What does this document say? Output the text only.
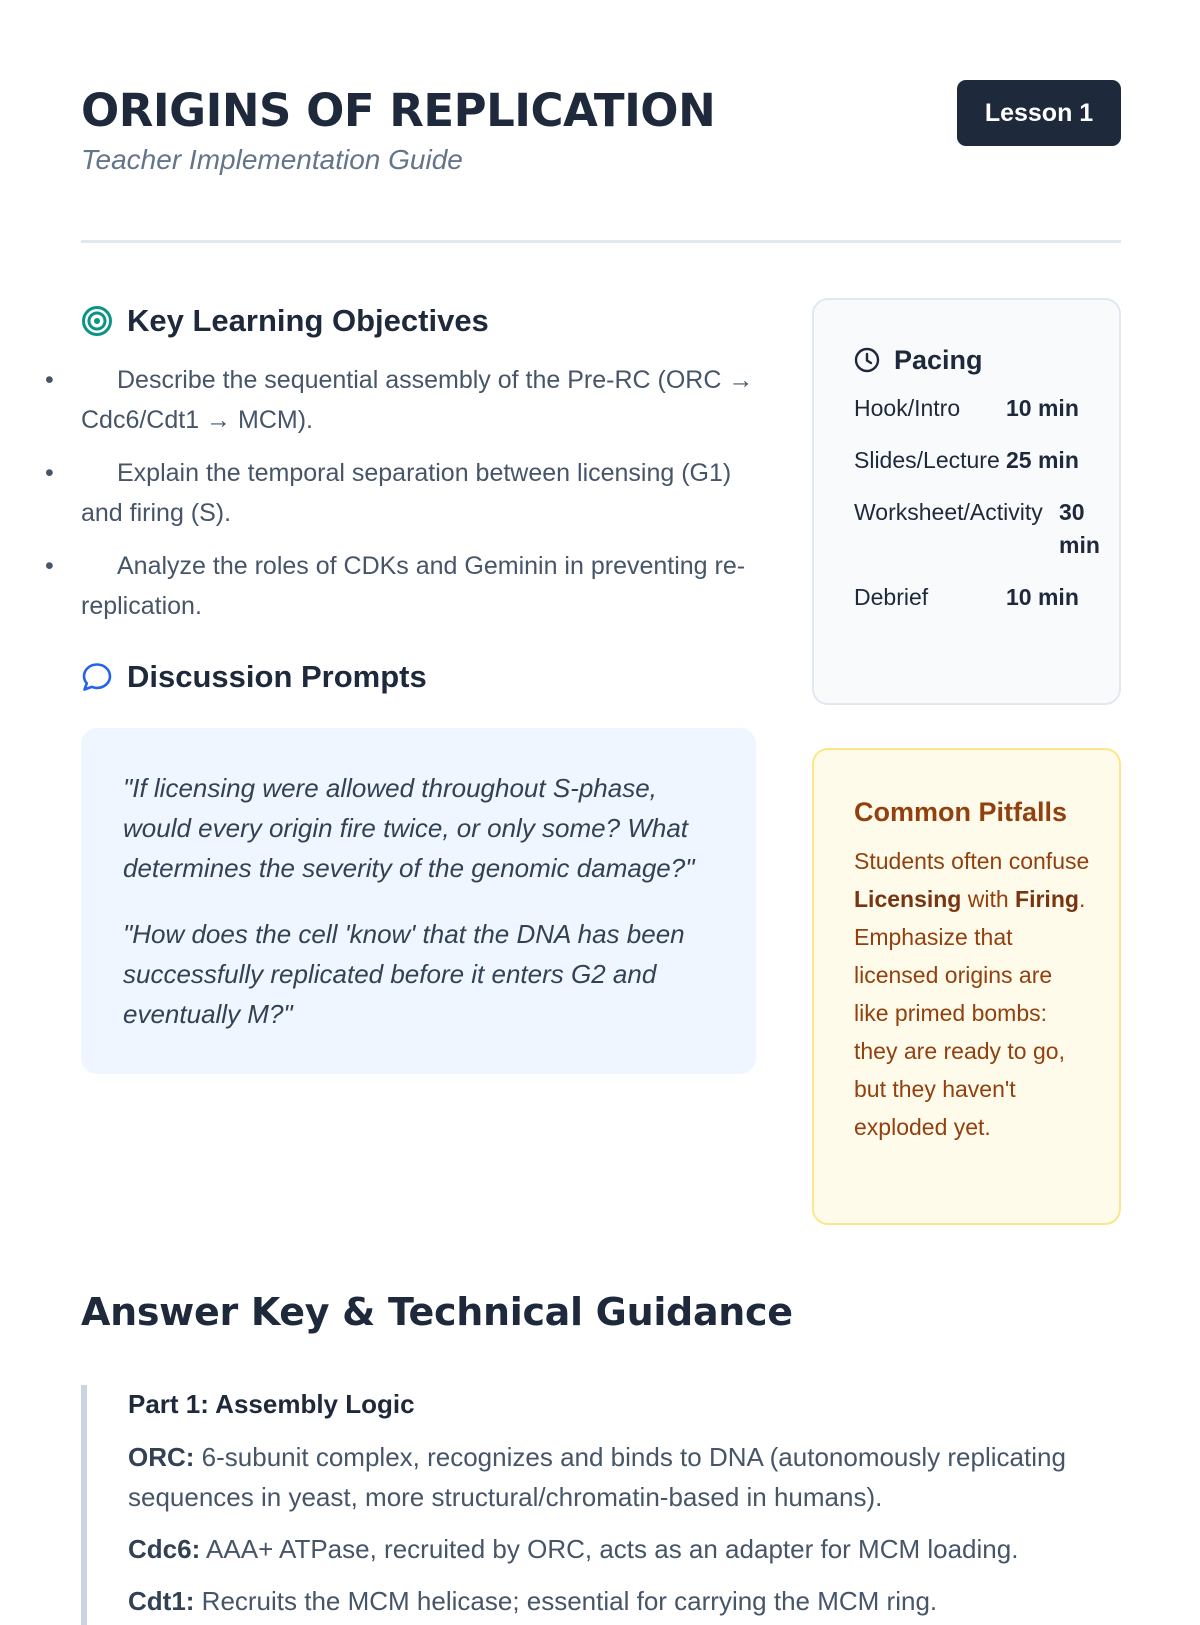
ORIGINS OF REPLICATION

Teacher Implementation Guide

Lesson 1
Key Learning Objectives
•	Describe the sequential assembly of the Pre-RC (ORC → Cdc6/Cdt1 → MCM).
•	Explain the temporal separation between licensing (G1) and firing (S).
•	Analyze the roles of CDKs and Geminin in preventing re-replication.
Discussion Prompts

"If licensing were allowed throughout S-phase, would every origin fire twice, or only some? What determines the severity of the genomic damage?"

"How does the cell 'know' that the DNA has been successfully replicated before it enters G2 and eventually M?"

Pacing
Hook/Intro	10 min
Slides/Lecture	25 min
Worksheet/Activity	30 min
Debrief	10 min
Common Pitfalls

Students often confuse Licensing with Firing. Emphasize that licensed origins are like primed bombs: they are ready to go, but they haven't exploded yet.

Answer Key & Technical Guidance
Part 1: Assembly Logic

ORC: 6-subunit complex, recognizes and binds to DNA (autonomously replicating sequences in yeast, more structural/chromatin-based in humans).

Cdc6: AAA+ ATPase, recruited by ORC, acts as an adapter for MCM loading.

Cdt1: Recruits the MCM helicase; essential for carrying the MCM ring.
